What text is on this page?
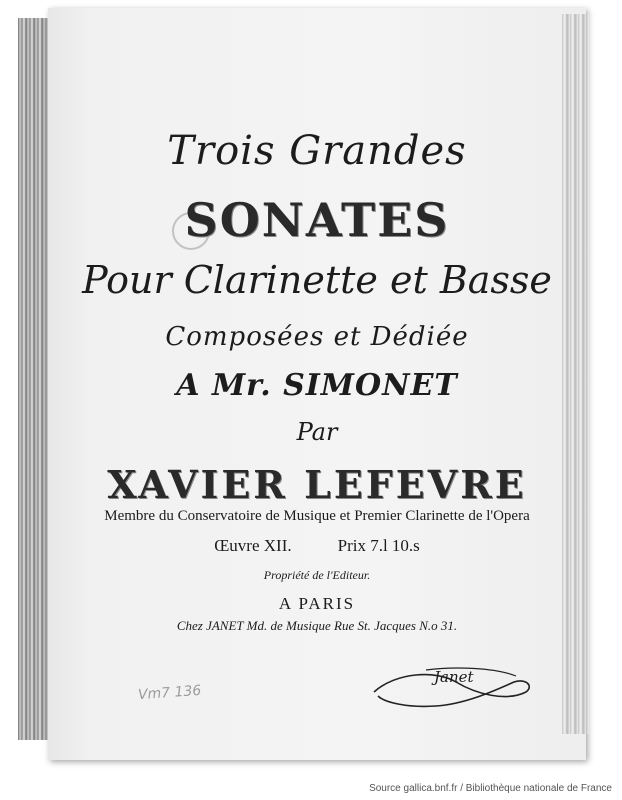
Trois Grandes
SONATES
Pour Clarinette et Basse
Composées et Dédiée
A Mr. SIMONET
Par
XAVIER LEFEVRE
Membre du Conservatoire de Musique et Premier Clarinette de l'Opera
Œuvre XII.	Prix 7.l 10.s
Propriété de l'Editeur.
A PARIS
Chez JANET Md. de Musique Rue St. Jacques N.o 31.
Vm7 136
Janet
Source gallica.bnf.fr / Bibliothèque nationale de France
